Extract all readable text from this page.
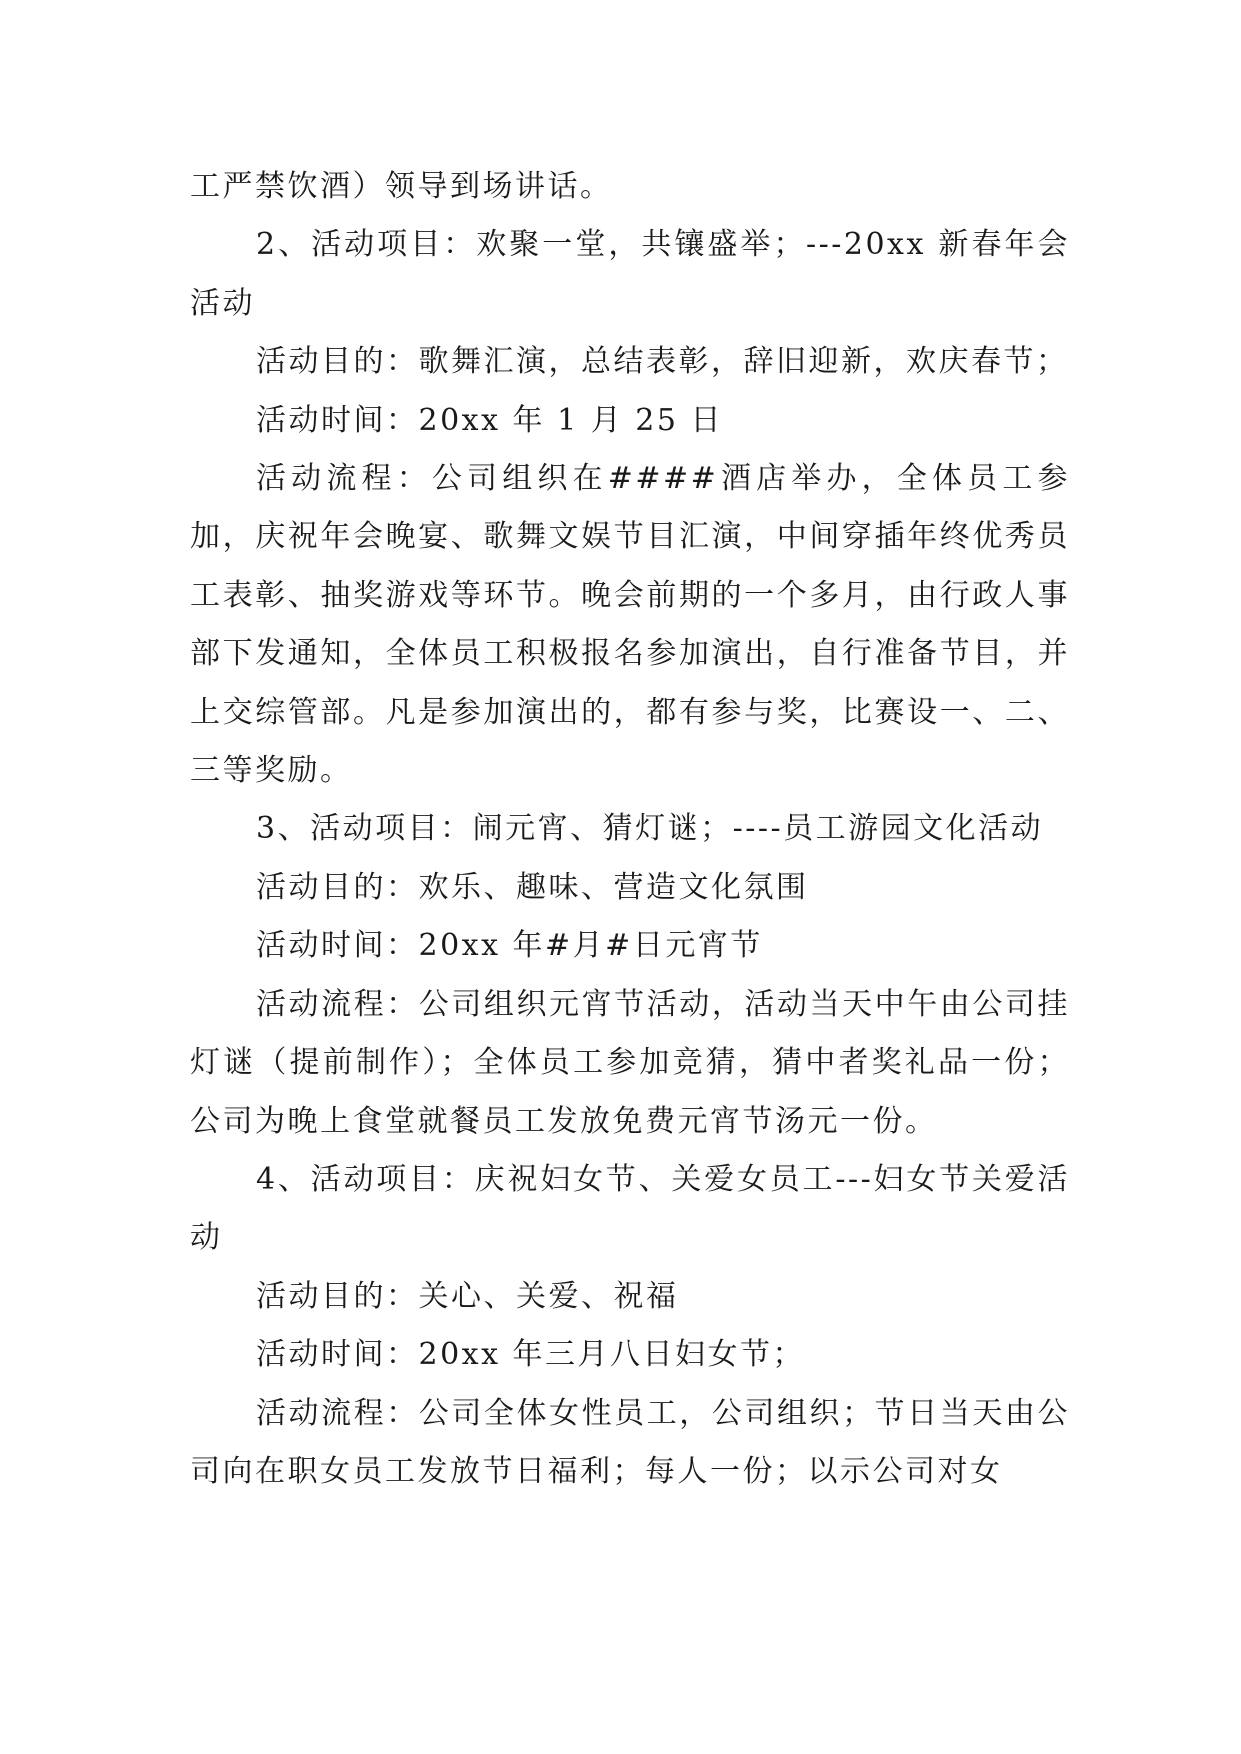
工严禁饮酒）领导到场讲话。

2、活动项目：欢聚一堂，共镶盛举；---20xx 新春年会活动

活动目的：歌舞汇演，总结表彰，辞旧迎新，欢庆春节；

活动时间：20xx 年 1 月 25 日

活动流程：公司组织在####酒店举办，全体员工参加，庆祝年会晚宴、歌舞文娱节目汇演，中间穿插年终优秀员工表彰、抽奖游戏等环节。晚会前期的一个多月，由行政人事部下发通知，全体员工积极报名参加演出，自行准备节目，并上交综管部。凡是参加演出的，都有参与奖，比赛设一、二、三等奖励。

3、活动项目：闹元宵、猜灯谜；----员工游园文化活动

活动目的：欢乐、趣味、营造文化氛围

活动时间：20xx 年#月#日元宵节

活动流程：公司组织元宵节活动，活动当天中午由公司挂灯谜（提前制作）；全体员工参加竞猜，猜中者奖礼品一份；公司为晚上食堂就餐员工发放免费元宵节汤元一份。

4、活动项目：庆祝妇女节、关爱女员工---妇女节关爱活动

活动目的：关心、关爱、祝福

活动时间：20xx 年三月八日妇女节；

活动流程：公司全体女性员工，公司组织；节日当天由公司向在职女员工发放节日福利；每人一份；以示公司对女
